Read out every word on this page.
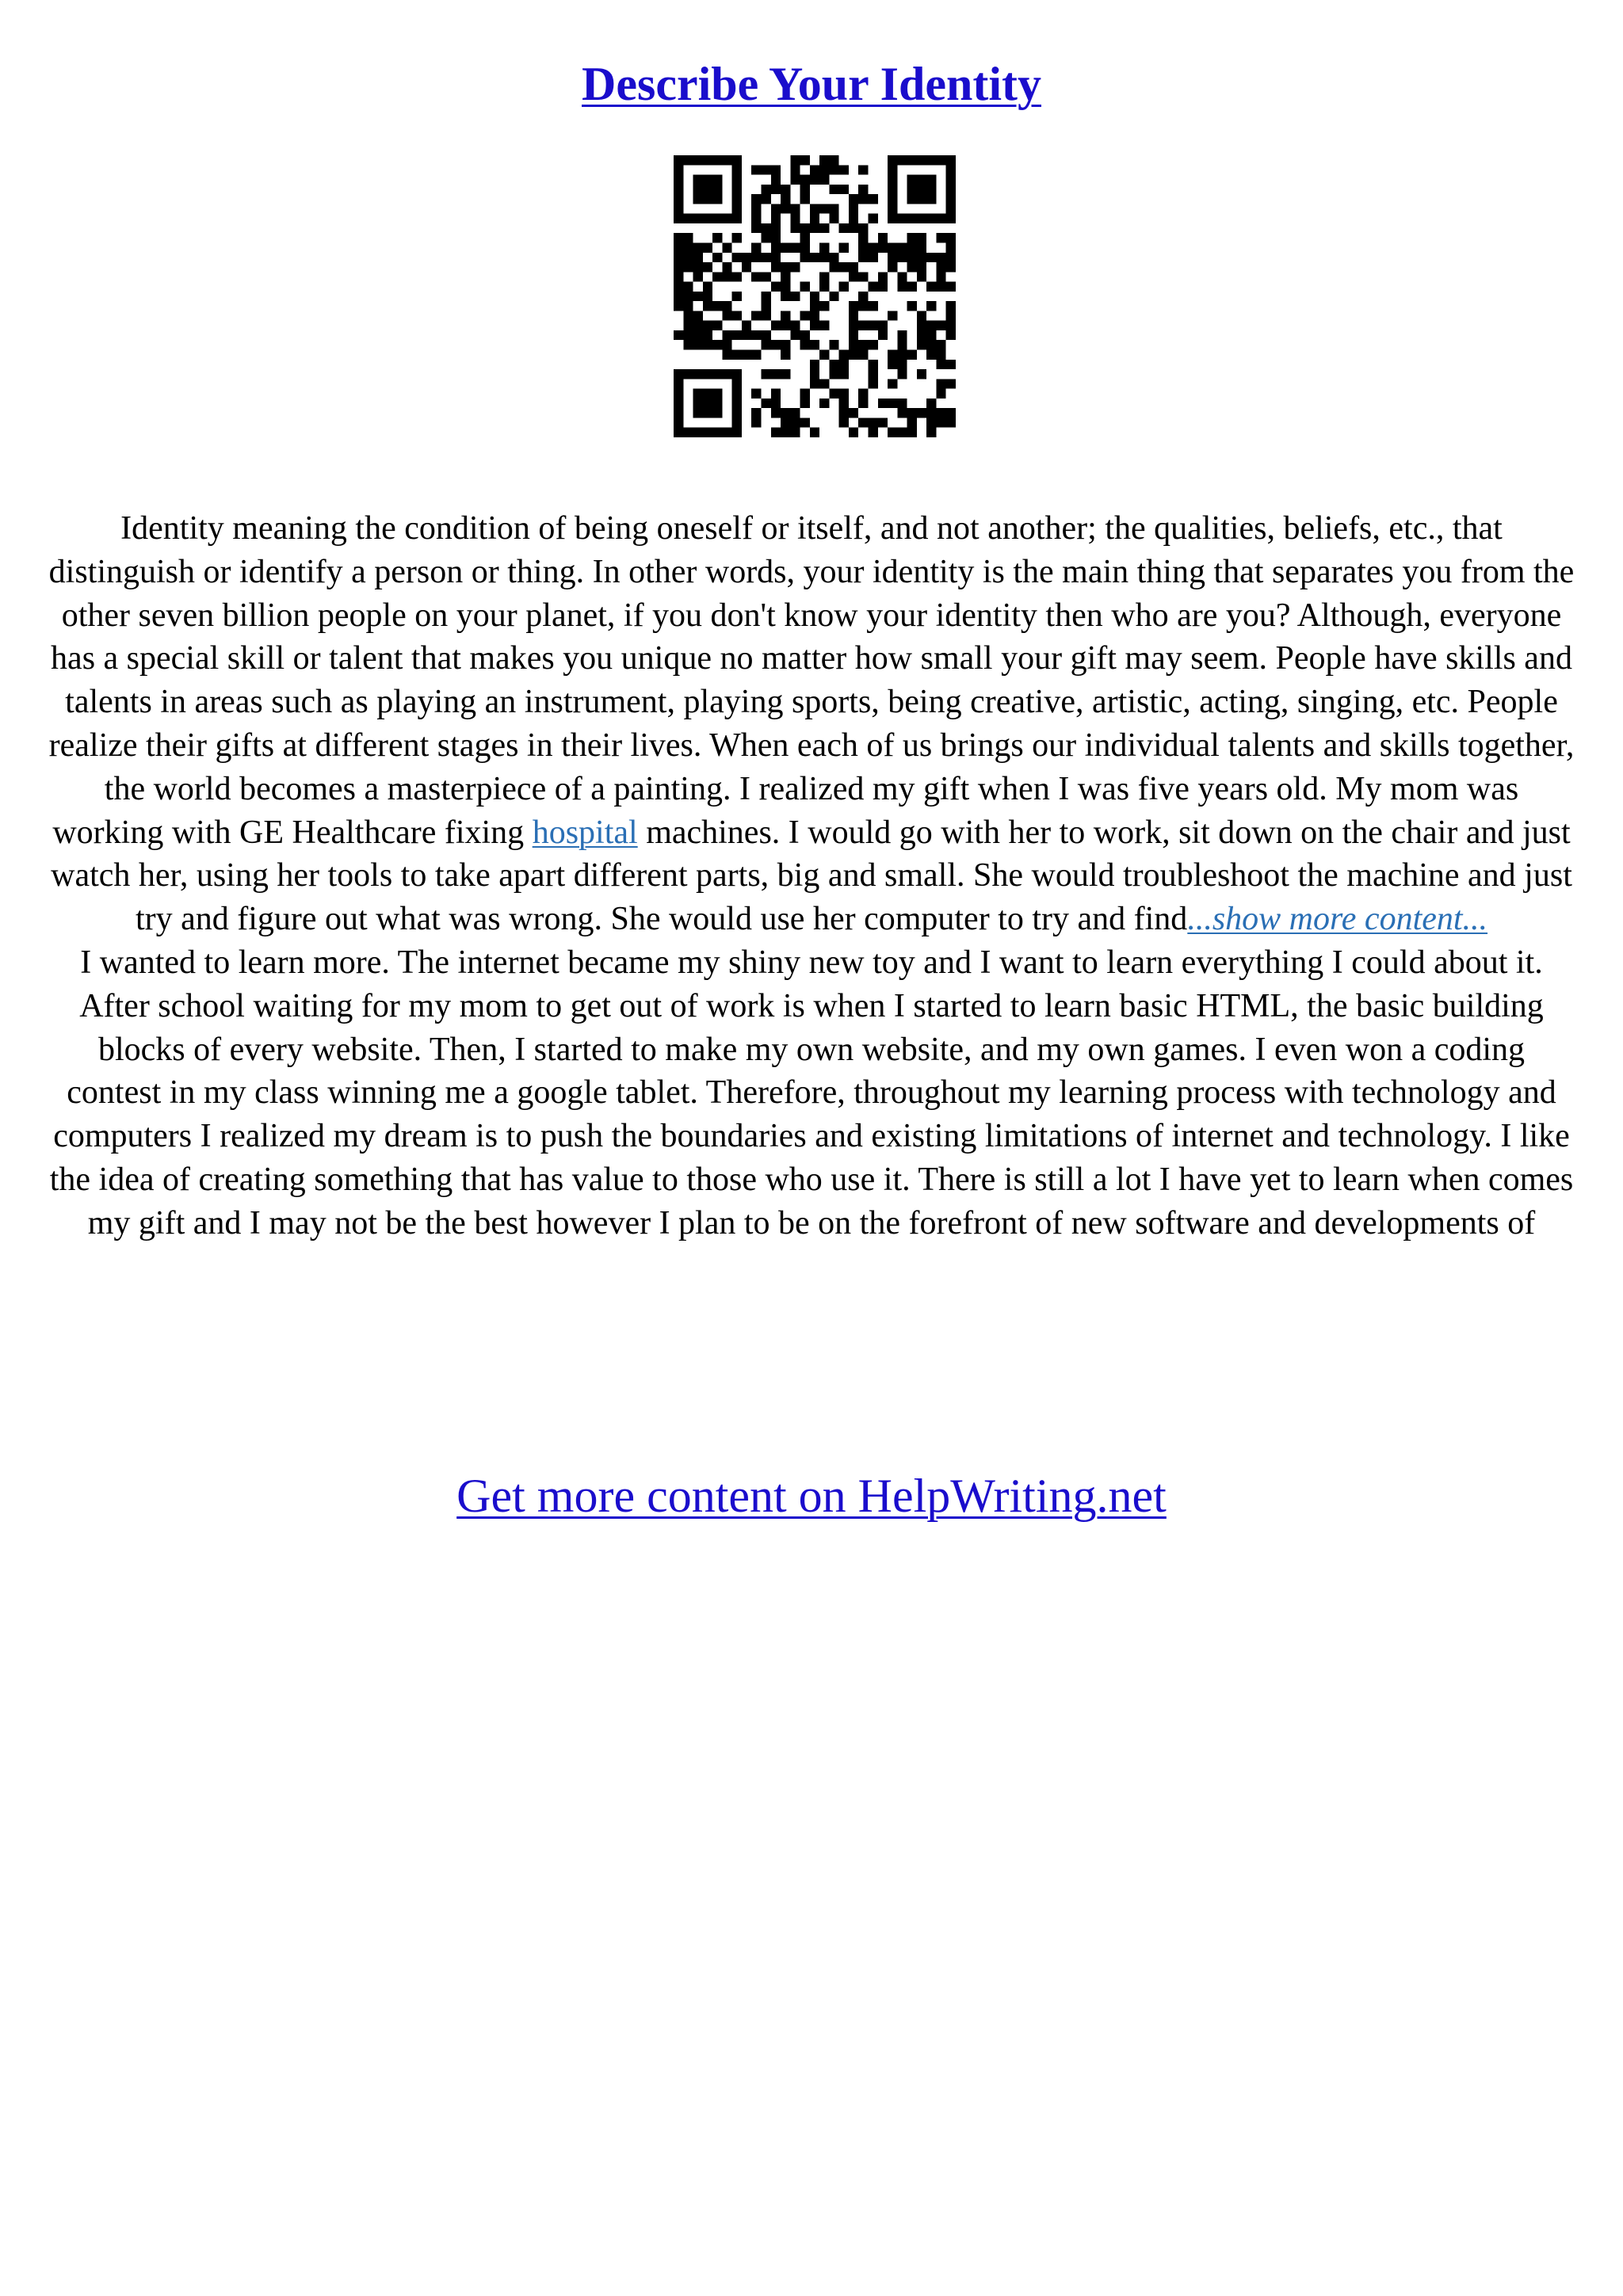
Describe Your Identity

Identity meaning the condition of being oneself or itself, and not another; the qualities, beliefs, etc., that distinguish or identify a person or thing. In other words, your identity is the main thing that separates you from the other seven billion people on your planet, if you don't know your identity then who are you? Although, everyone has a special skill or talent that makes you unique no matter how small your gift may seem. People have skills and talents in areas such as playing an instrument, playing sports, being creative, artistic, acting, singing, etc. People realize their gifts at different stages in their lives. When each of us brings our individual talents and skills together, the world becomes a masterpiece of a painting. I realized my gift when I was five years old. My mom was working with GE Healthcare fixing hospital machines. I would go with her to work, sit down on the chair and just watch her, using her tools to take apart different parts, big and small. She would troubleshoot the machine and just try and figure out what was wrong. She would use her computer to try and find...show more content...

I wanted to learn more. The internet became my shiny new toy and I want to learn everything I could about it. After school waiting for my mom to get out of work is when I started to learn basic HTML, the basic building blocks of every website. Then, I started to make my own website, and my own games. I even won a coding contest in my class winning me a google tablet. Therefore, throughout my learning process with technology and computers I realized my dream is to push the boundaries and existing limitations of internet and technology. I like the idea of creating something that has value to those who use it. There is still a lot I have yet to learn when comes my gift and I may not be the best however I plan to be on the forefront of new software and developments of

Get more content on HelpWriting.net
